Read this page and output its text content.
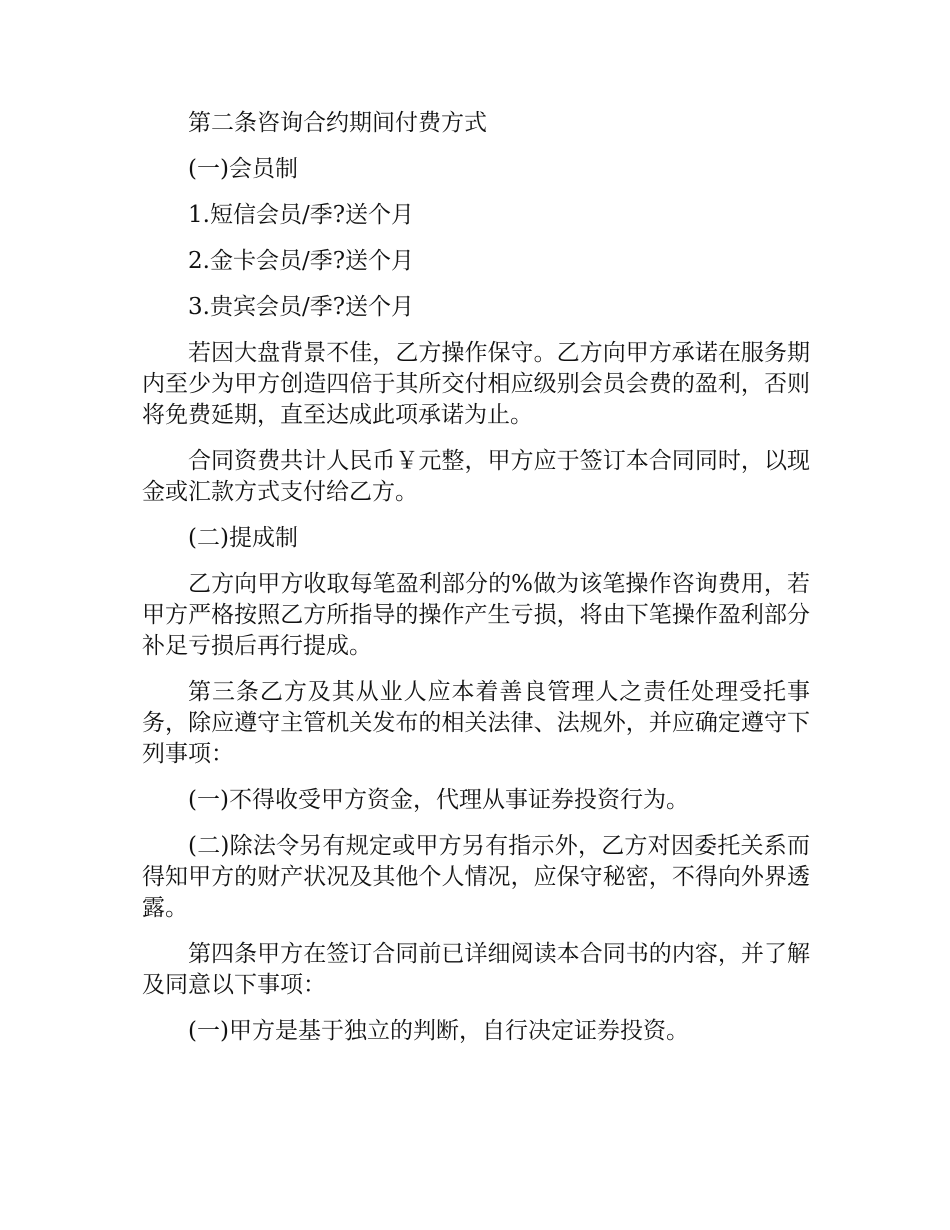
第二条咨询合约期间付费方式

(一)会员制

1.短信会员/季?送个月

2.金卡会员/季?送个月

3.贵宾会员/季?送个月

若因大盘背景不佳，乙方操作保守。乙方向甲方承诺在服务期内至少为甲方创造四倍于其所交付相应级别会员会费的盈利，否则将免费延期，直至达成此项承诺为止。

合同资费共计人民币￥元整，甲方应于签订本合同同时，以现金或汇款方式支付给乙方。

(二)提成制

乙方向甲方收取每笔盈利部分的%做为该笔操作咨询费用，若甲方严格按照乙方所指导的操作产生亏损，将由下笔操作盈利部分补足亏损后再行提成。

第三条乙方及其从业人应本着善良管理人之责任处理受托事务，除应遵守主管机关发布的相关法律、法规外，并应确定遵守下列事项：

(一)不得收受甲方资金，代理从事证券投资行为。

(二)除法令另有规定或甲方另有指示外，乙方对因委托关系而得知甲方的财产状况及其他个人情况，应保守秘密，不得向外界透露。

第四条甲方在签订合同前已详细阅读本合同书的内容，并了解及同意以下事项：

(一)甲方是基于独立的判断，自行决定证券投资。
